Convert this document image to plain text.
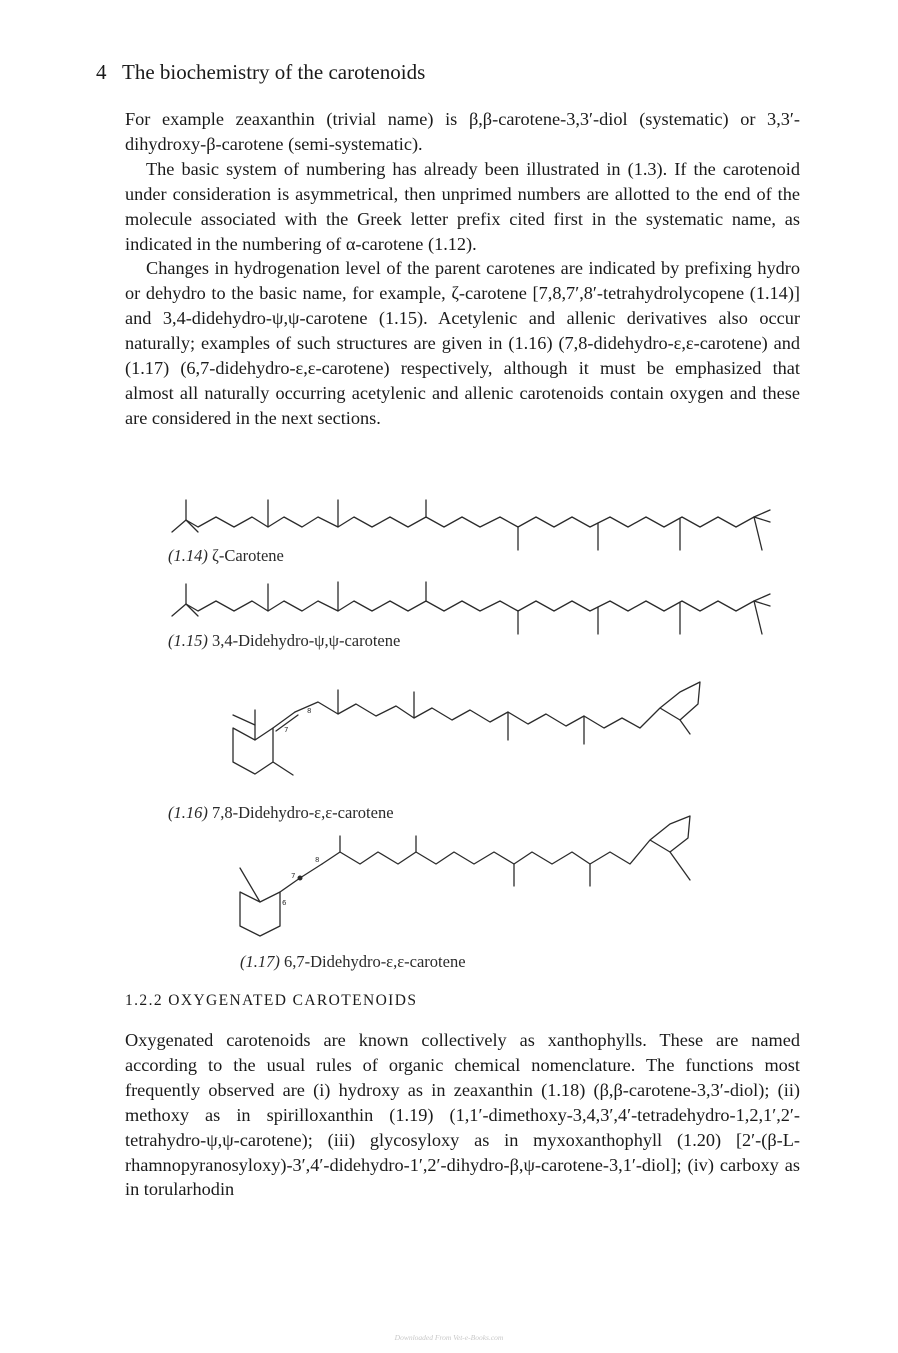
4 The biochemistry of the carotenoids

For example zeaxanthin (trivial name) is β,β-carotene-3,3′-diol (systematic) or 3,3′-dihydroxy-β-carotene (semi-systematic).

The basic system of numbering has already been illustrated in (1.3). If the carotenoid under consideration is asymmetrical, then unprimed numbers are allotted to the end of the molecule associated with the Greek letter prefix cited first in the systematic name, as indicated in the numbering of α-carotene (1.12).

Changes in hydrogenation level of the parent carotenes are indicated by prefixing hydro or dehydro to the basic name, for example, ζ-carotene [7,8,7′,8′-tetrahydrolycopene (1.14)] and 3,4-didehydro-ψ,ψ-carotene (1.15). Acetylenic and allenic derivatives also occur naturally; examples of such structures are given in (1.16) (7,8-didehydro-ε,ε-carotene) and (1.17) (6,7-didehydro-ε,ε-carotene) respectively, although it must be emphasized that almost all naturally occurring acetylenic and allenic carotenoids contain oxygen and these are considered in the next sections.

7
8
7
8
6
(1.14) ζ-Carotene
(1.15) 3,4-Didehydro-ψ,ψ-carotene
(1.16) 7,8-Didehydro-ε,ε-carotene
(1.17) 6,7-Didehydro-ε,ε-carotene
1.2.2 OXYGENATED CAROTENOIDS

Oxygenated carotenoids are known collectively as xanthophylls. These are named according to the usual rules of organic chemical nomenclature. The functions most frequently observed are (i) hydroxy as in zeaxanthin (1.18) (β,β-carotene-3,3′-diol); (ii) methoxy as in spirilloxanthin (1.19) (1,1′-dimethoxy-3,4,3′,4′-tetradehydro-1,2,1′,2′-tetrahydro-ψ,ψ-carotene); (iii) glycosyloxy as in myxoxanthophyll (1.20) [2′-(β-L-rhamnopyranosyloxy)-3′,4′-didehydro-1′,2′-dihydro-β,ψ-carotene-3,1′-diol]; (iv) carboxy as in torularhodin

Downloaded From Vet-e-Books.com
